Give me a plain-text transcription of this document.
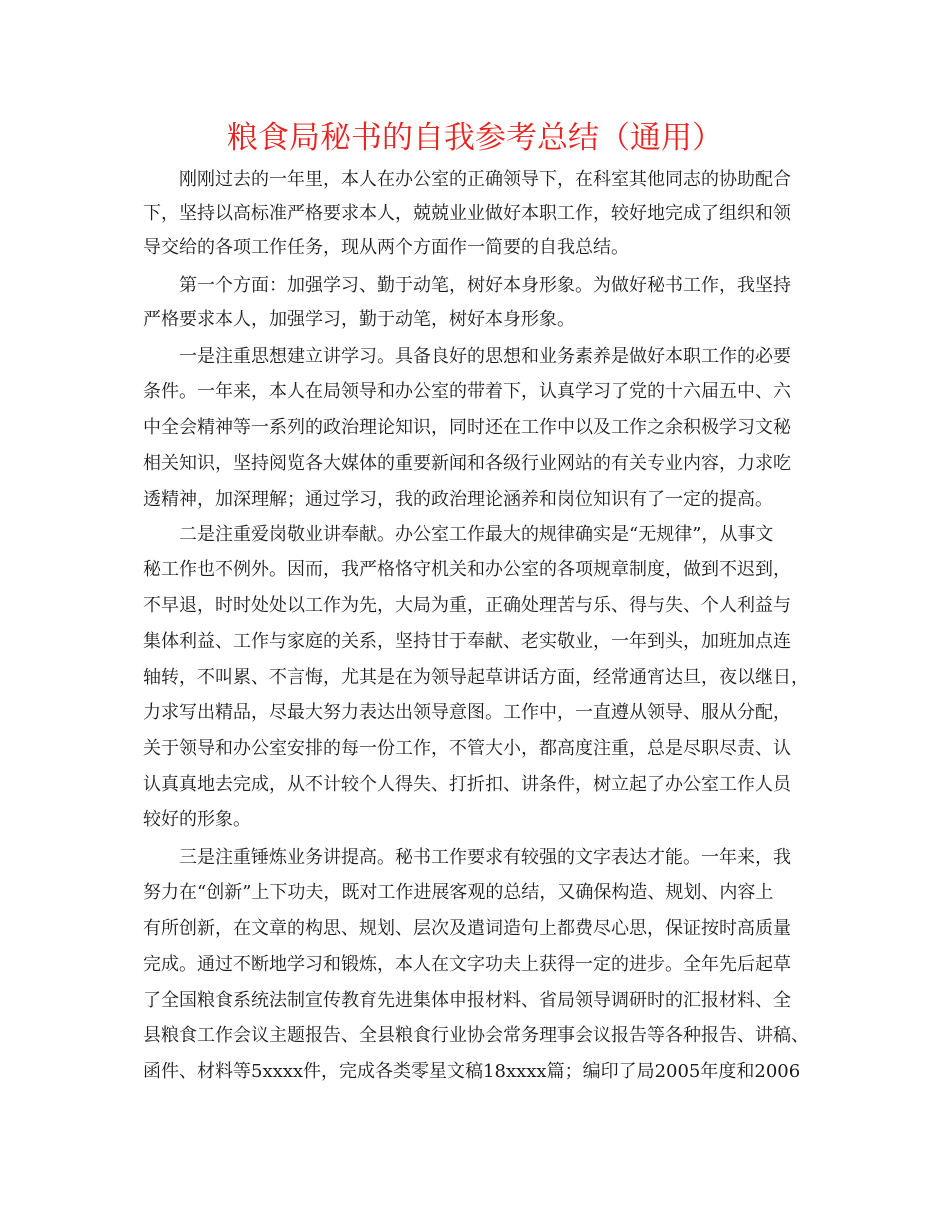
粮食局秘书的自我参考总结（通用）
刚刚过去的一年里，本人在办公室的正确领导下，在科室其他同志的协助配合
下，坚持以高标准严格要求本人，兢兢业业做好本职工作，较好地完成了组织和领
导交给的各项工作任务，现从两个方面作一简要的自我总结。
第一个方面：加强学习、勤于动笔，树好本身形象。为做好秘书工作，我坚持
严格要求本人，加强学习，勤于动笔，树好本身形象。
一是注重思想建立讲学习。具备良好的思想和业务素养是做好本职工作的必要
条件。一年来，本人在局领导和办公室的带着下，认真学习了党的十六届五中、六
中全会精神等一系列的政治理论知识，同时还在工作中以及工作之余积极学习文秘
相关知识，坚持阅览各大媒体的重要新闻和各级行业网站的有关专业内容，力求吃
透精神，加深理解；通过学习，我的政治理论涵养和岗位知识有了一定的提高。
二是注重爱岗敬业讲奉献。办公室工作最大的规律确实是“无规律”，从事文
秘工作也不例外。因而，我严格恪守机关和办公室的各项规章制度，做到不迟到，
不早退，时时处处以工作为先，大局为重，正确处理苦与乐、得与失、个人利益与
集体利益、工作与家庭的关系，坚持甘于奉献、老实敬业，一年到头，加班加点连
轴转，不叫累、不言悔，尤其是在为领导起草讲话方面，经常通宵达旦，夜以继日，
力求写出精品，尽最大努力表达出领导意图。工作中，一直遵从领导、服从分配，
关于领导和办公室安排的每一份工作，不管大小，都高度注重，总是尽职尽责、认
认真真地去完成，从不计较个人得失、打折扣、讲条件，树立起了办公室工作人员
较好的形象。
三是注重锤炼业务讲提高。秘书工作要求有较强的文字表达才能。一年来，我
努力在“创新”上下功夫，既对工作进展客观的总结，又确保构造、规划、内容上
有所创新，在文章的构思、规划、层次及遣词造句上都费尽心思，保证按时高质量
完成。通过不断地学习和锻炼，本人在文字功夫上获得一定的进步。全年先后起草
了全国粮食系统法制宣传教育先进集体申报材料、省局领导调研时的汇报材料、全
县粮食工作会议主题报告、全县粮食行业协会常务理事会议报告等各种报告、讲稿、
函件、材料等5xxxx件，完成各类零星文稿18xxxx篇；编印了局2005年度和2006
